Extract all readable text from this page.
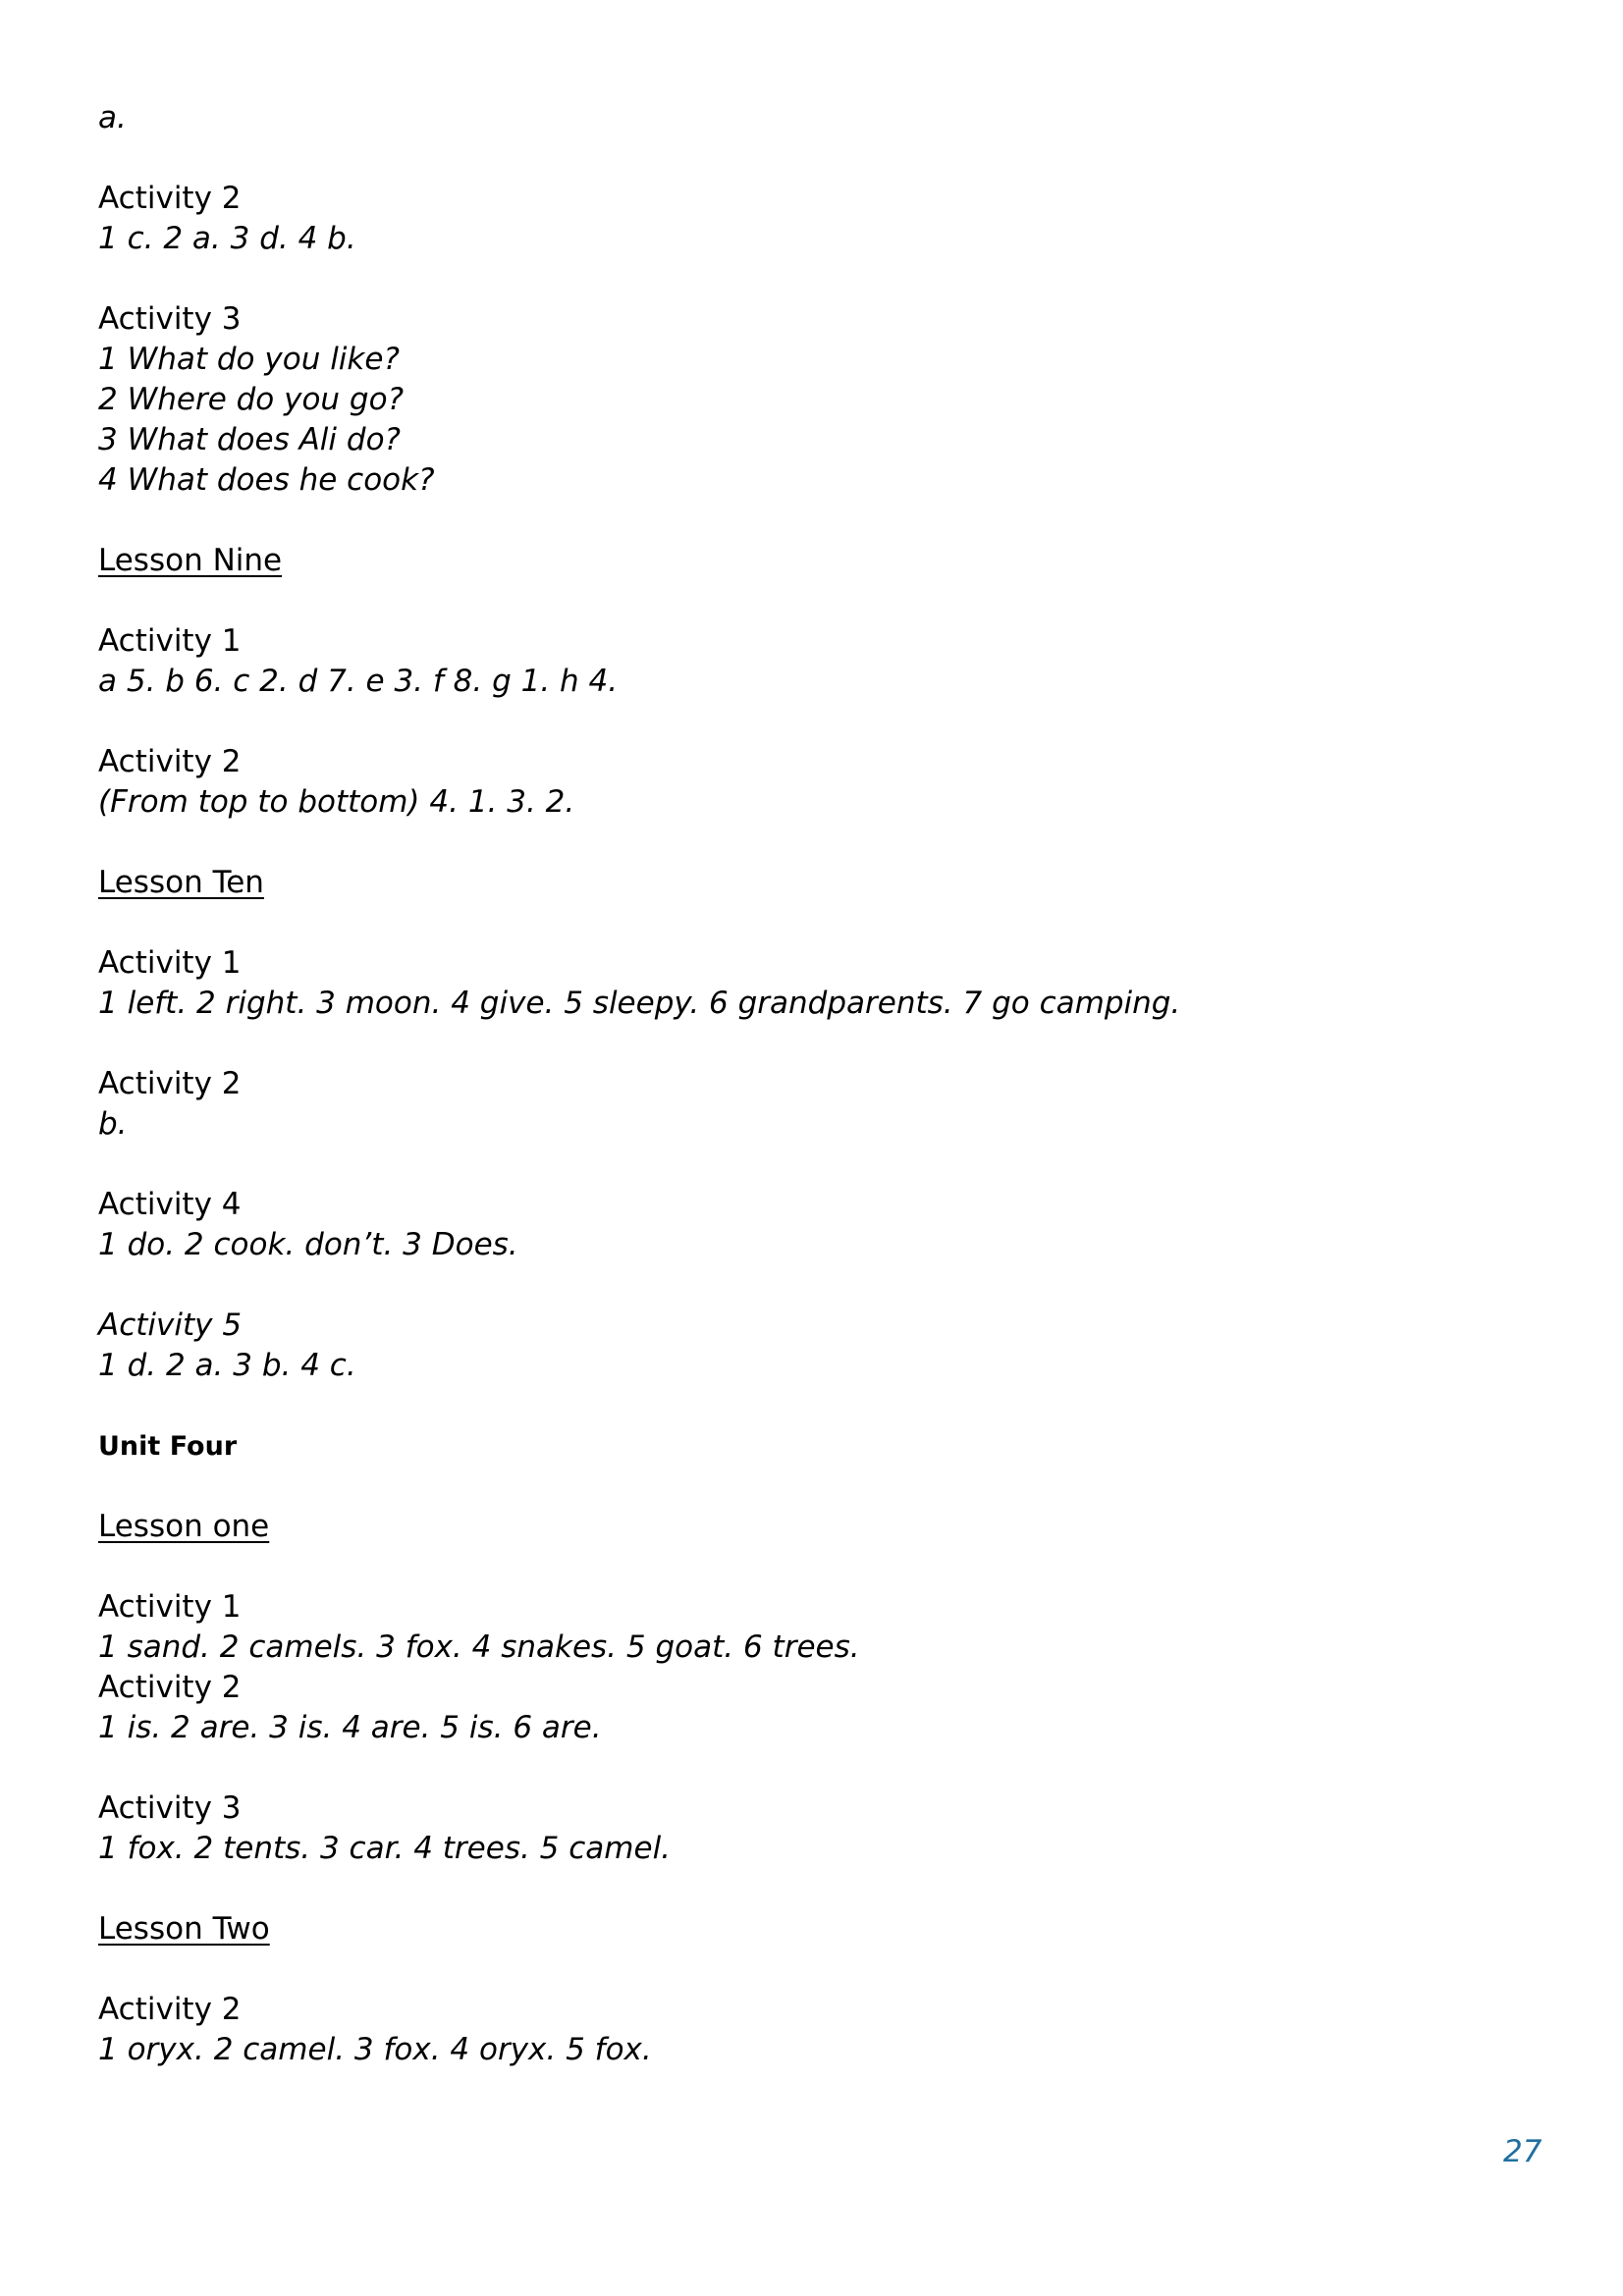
a.
Activity 2
1 c. 2 a. 3 d. 4 b.
Activity 3
1 What do you like?
2 Where do you go?
3 What does Ali do?
4 What does he cook?
Lesson Nine
Activity 1
a 5. b 6. c 2. d 7. e 3. f 8. g 1. h 4.
Activity 2
(From top to bottom) 4. 1. 3. 2.
Lesson Ten
Activity 1
1 left. 2 right. 3 moon. 4 give. 5 sleepy. 6 grandparents. 7 go camping.
Activity 2
b.
Activity 4
1 do. 2 cook. don’t. 3 Does.
Activity 5
1 d. 2 a. 3 b. 4 c.
Unit Four
Lesson one
Activity 1
1 sand. 2 camels. 3 fox. 4 snakes. 5 goat. 6 trees.
Activity 2
1 is. 2 are. 3 is. 4 are. 5 is. 6 are.
Activity 3
1 fox. 2 tents. 3 car. 4 trees. 5 camel.
Lesson Two
Activity 2
1 oryx. 2 camel. 3 fox. 4 oryx. 5 fox.
27
